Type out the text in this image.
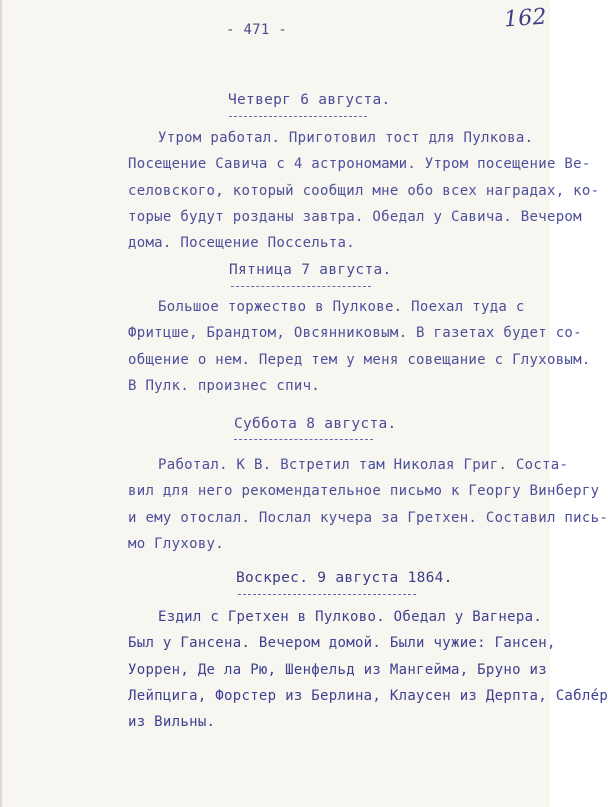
- 471 -	162
Четверг 6 августа.
Утром работал. Приготовил тост для Пулкова.
Посещение Савича с 4 астрономами. Утром посещение Ве-
селовского, который сообщил мне обо всех наградах, ко-
торые будут розданы завтра. Обедал у Савича. Вечером
дома. Посещение Поссельта.
Пятница 7 августа.
Большое торжество в Пулкове. Поехал туда с
Фритцше, Брандтом, Овсянниковым. В газетах будет со-
общение о нем. Перед тем у меня совещание с Глуховым.
В Пулк. произнес спич.
Суббота 8 августа.
Работал. К В. Встретил там Николая Григ. Соста-
вил для него рекомендательное письмо к Георгу Винбергу
и ему отослал. Послал кучера за Гретхен. Составил пись-
мо Глухову.
Воскрес. 9 августа 1864.
Ездил с Гретхен в Пулково. Обедал у Вагнера.
Был у Гансена. Вечером домой. Были чужие: Гансен,
Уоррен, Де ла Рю, Шенфельд из Мангейма, Бруно из
Лейпцига, Форстер из Берлина, Клаусен из Дерпта, Сабле́р
из Вильны.
